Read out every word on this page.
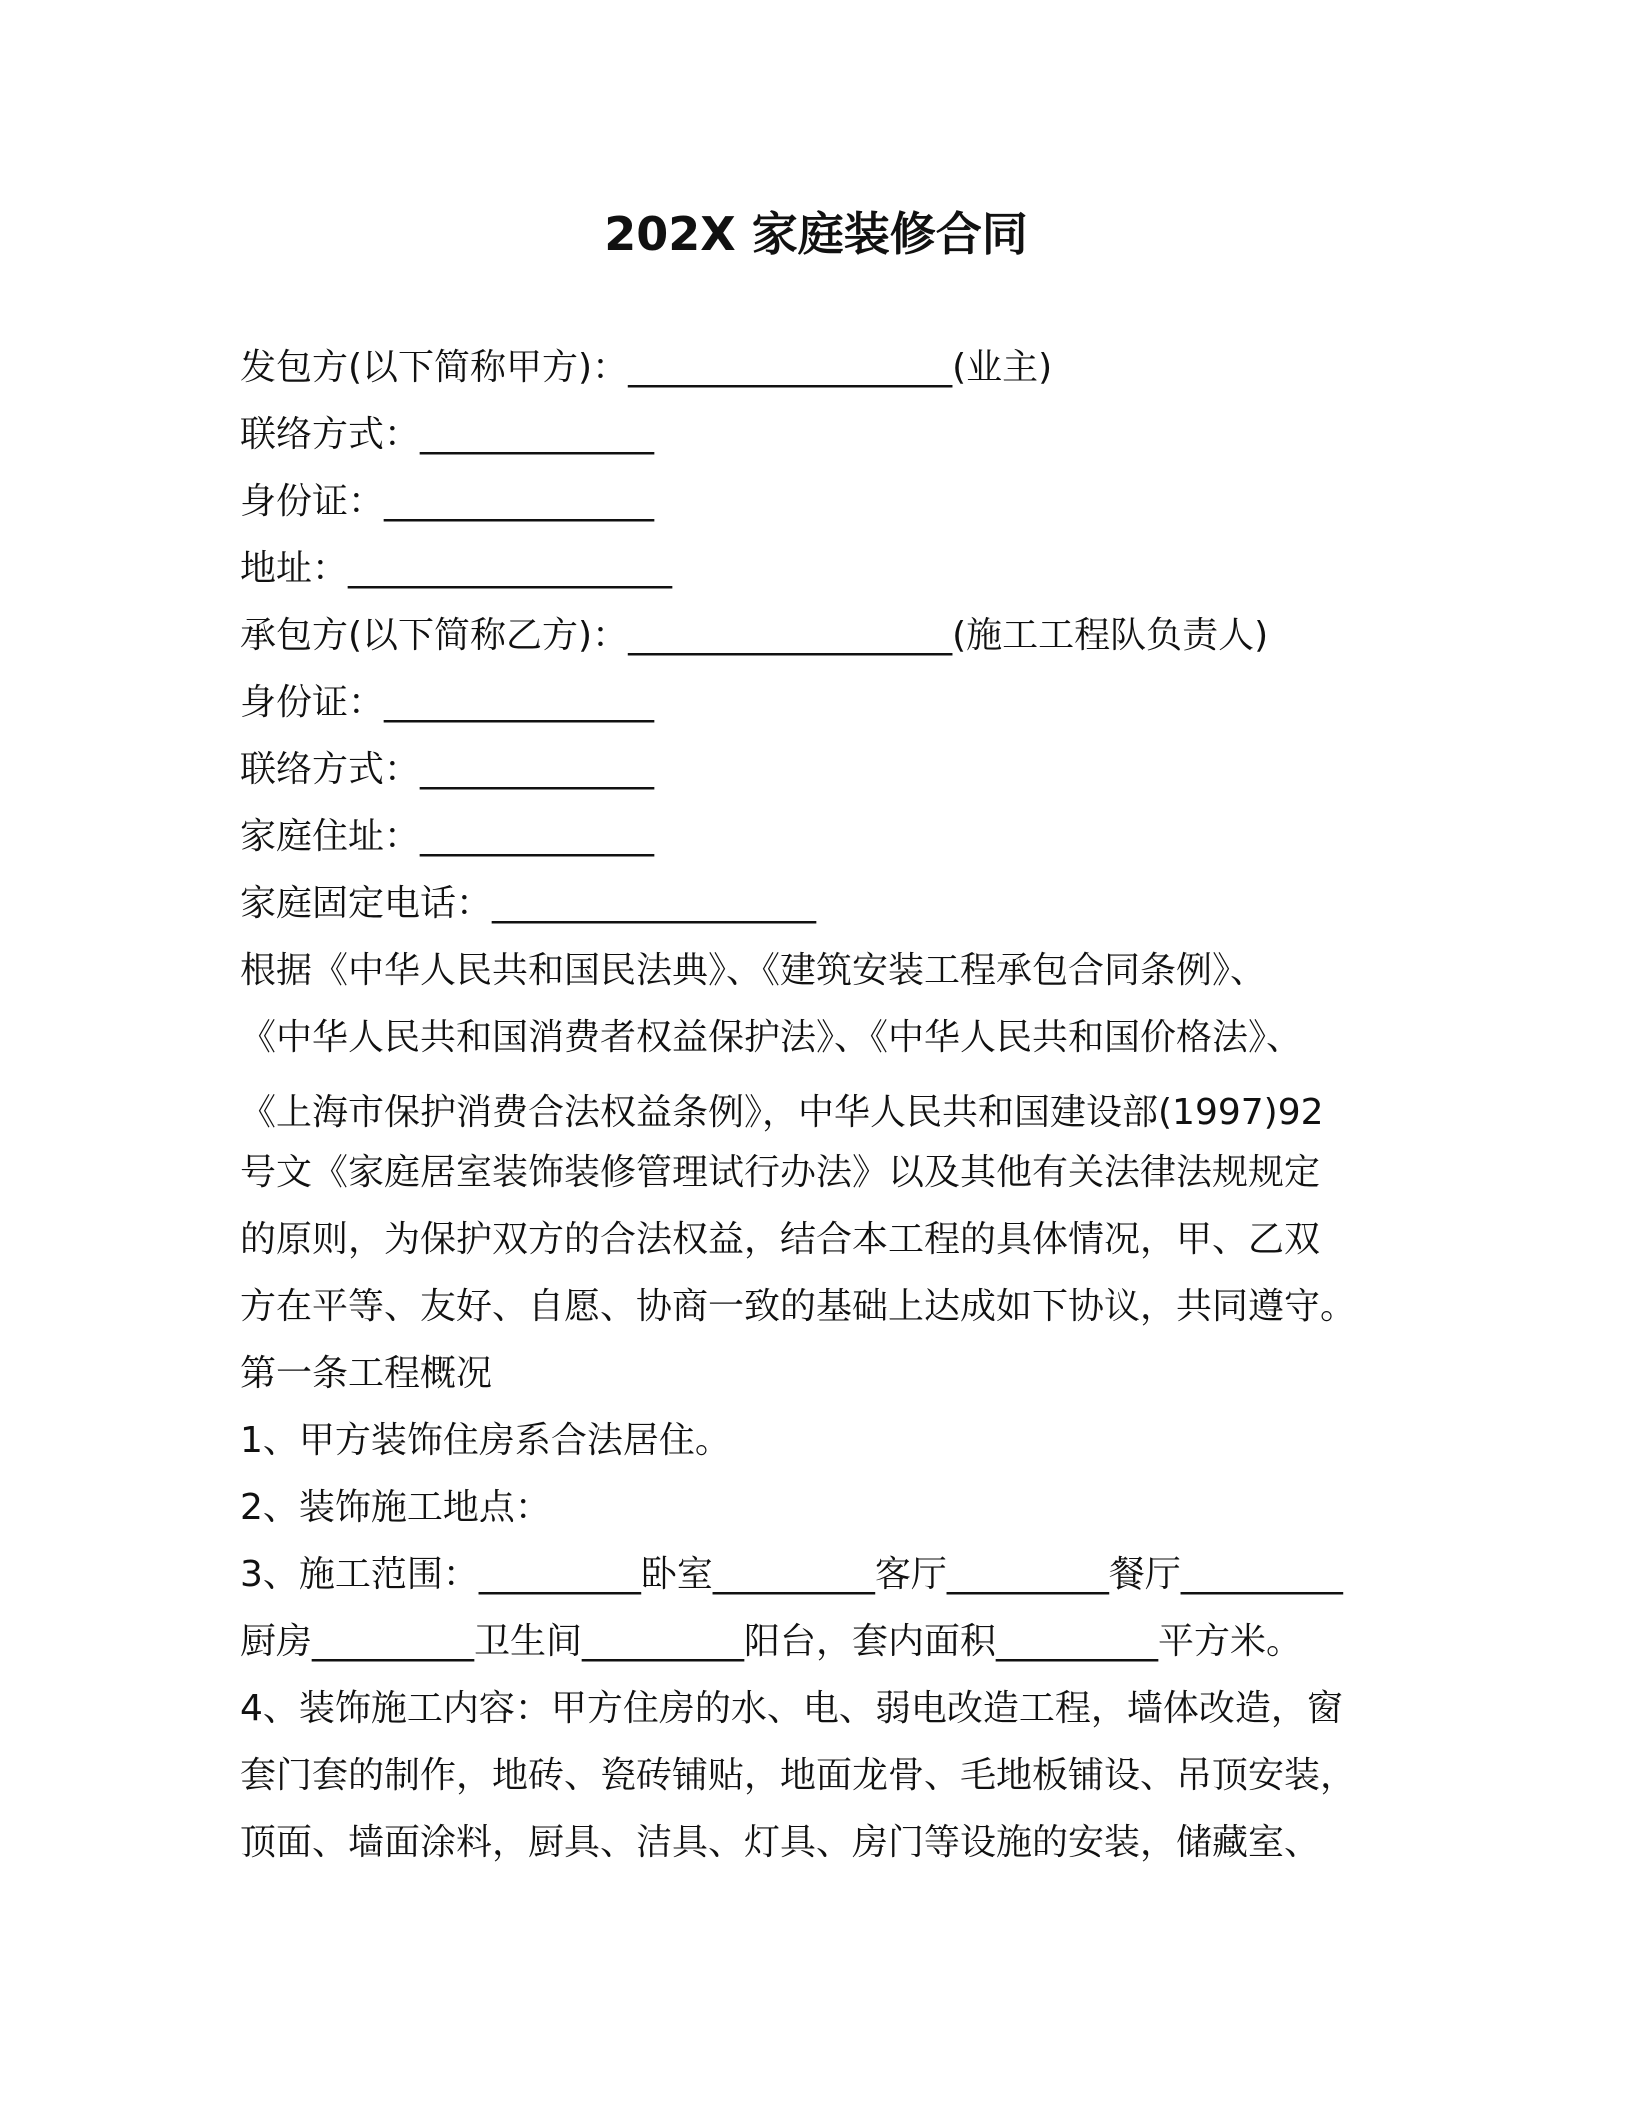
202X 家庭装修合同
发包方(以下简称甲方)：__________________(业主)
联络方式：_____________
身份证：_______________
地址：__________________
承包方(以下简称乙方)：__________________(施工工程队负责人)
身份证：_______________
联络方式：_____________
家庭住址：_____________
家庭固定电话：__________________
根据《中华人民共和国民法典》、《建筑安装工程承包合同条例》、
《中华人民共和国消费者权益保护法》、《中华人民共和国价格法》、
《上海市保护消费合法权益条例》，中华人民共和国建设部(1997)92
号文《家庭居室装饰装修管理试行办法》以及其他有关法律法规规定
的原则，为保护双方的合法权益，结合本工程的具体情况，甲、乙双
方在平等、友好、自愿、协商一致的基础上达成如下协议，共同遵守。
第一条工程概况
1、甲方装饰住房系合法居住。
2、装饰施工地点：
3、施工范围：_________卧室_________客厅_________餐厅_________
厨房_________卫生间_________阳台，套内面积_________平方米。
4、装饰施工内容：甲方住房的水、电、弱电改造工程，墙体改造，窗
套门套的制作，地砖、瓷砖铺贴，地面龙骨、毛地板铺设、吊顶安装，
顶面、墙面涂料，厨具、洁具、灯具、房门等设施的安装，储藏室、
